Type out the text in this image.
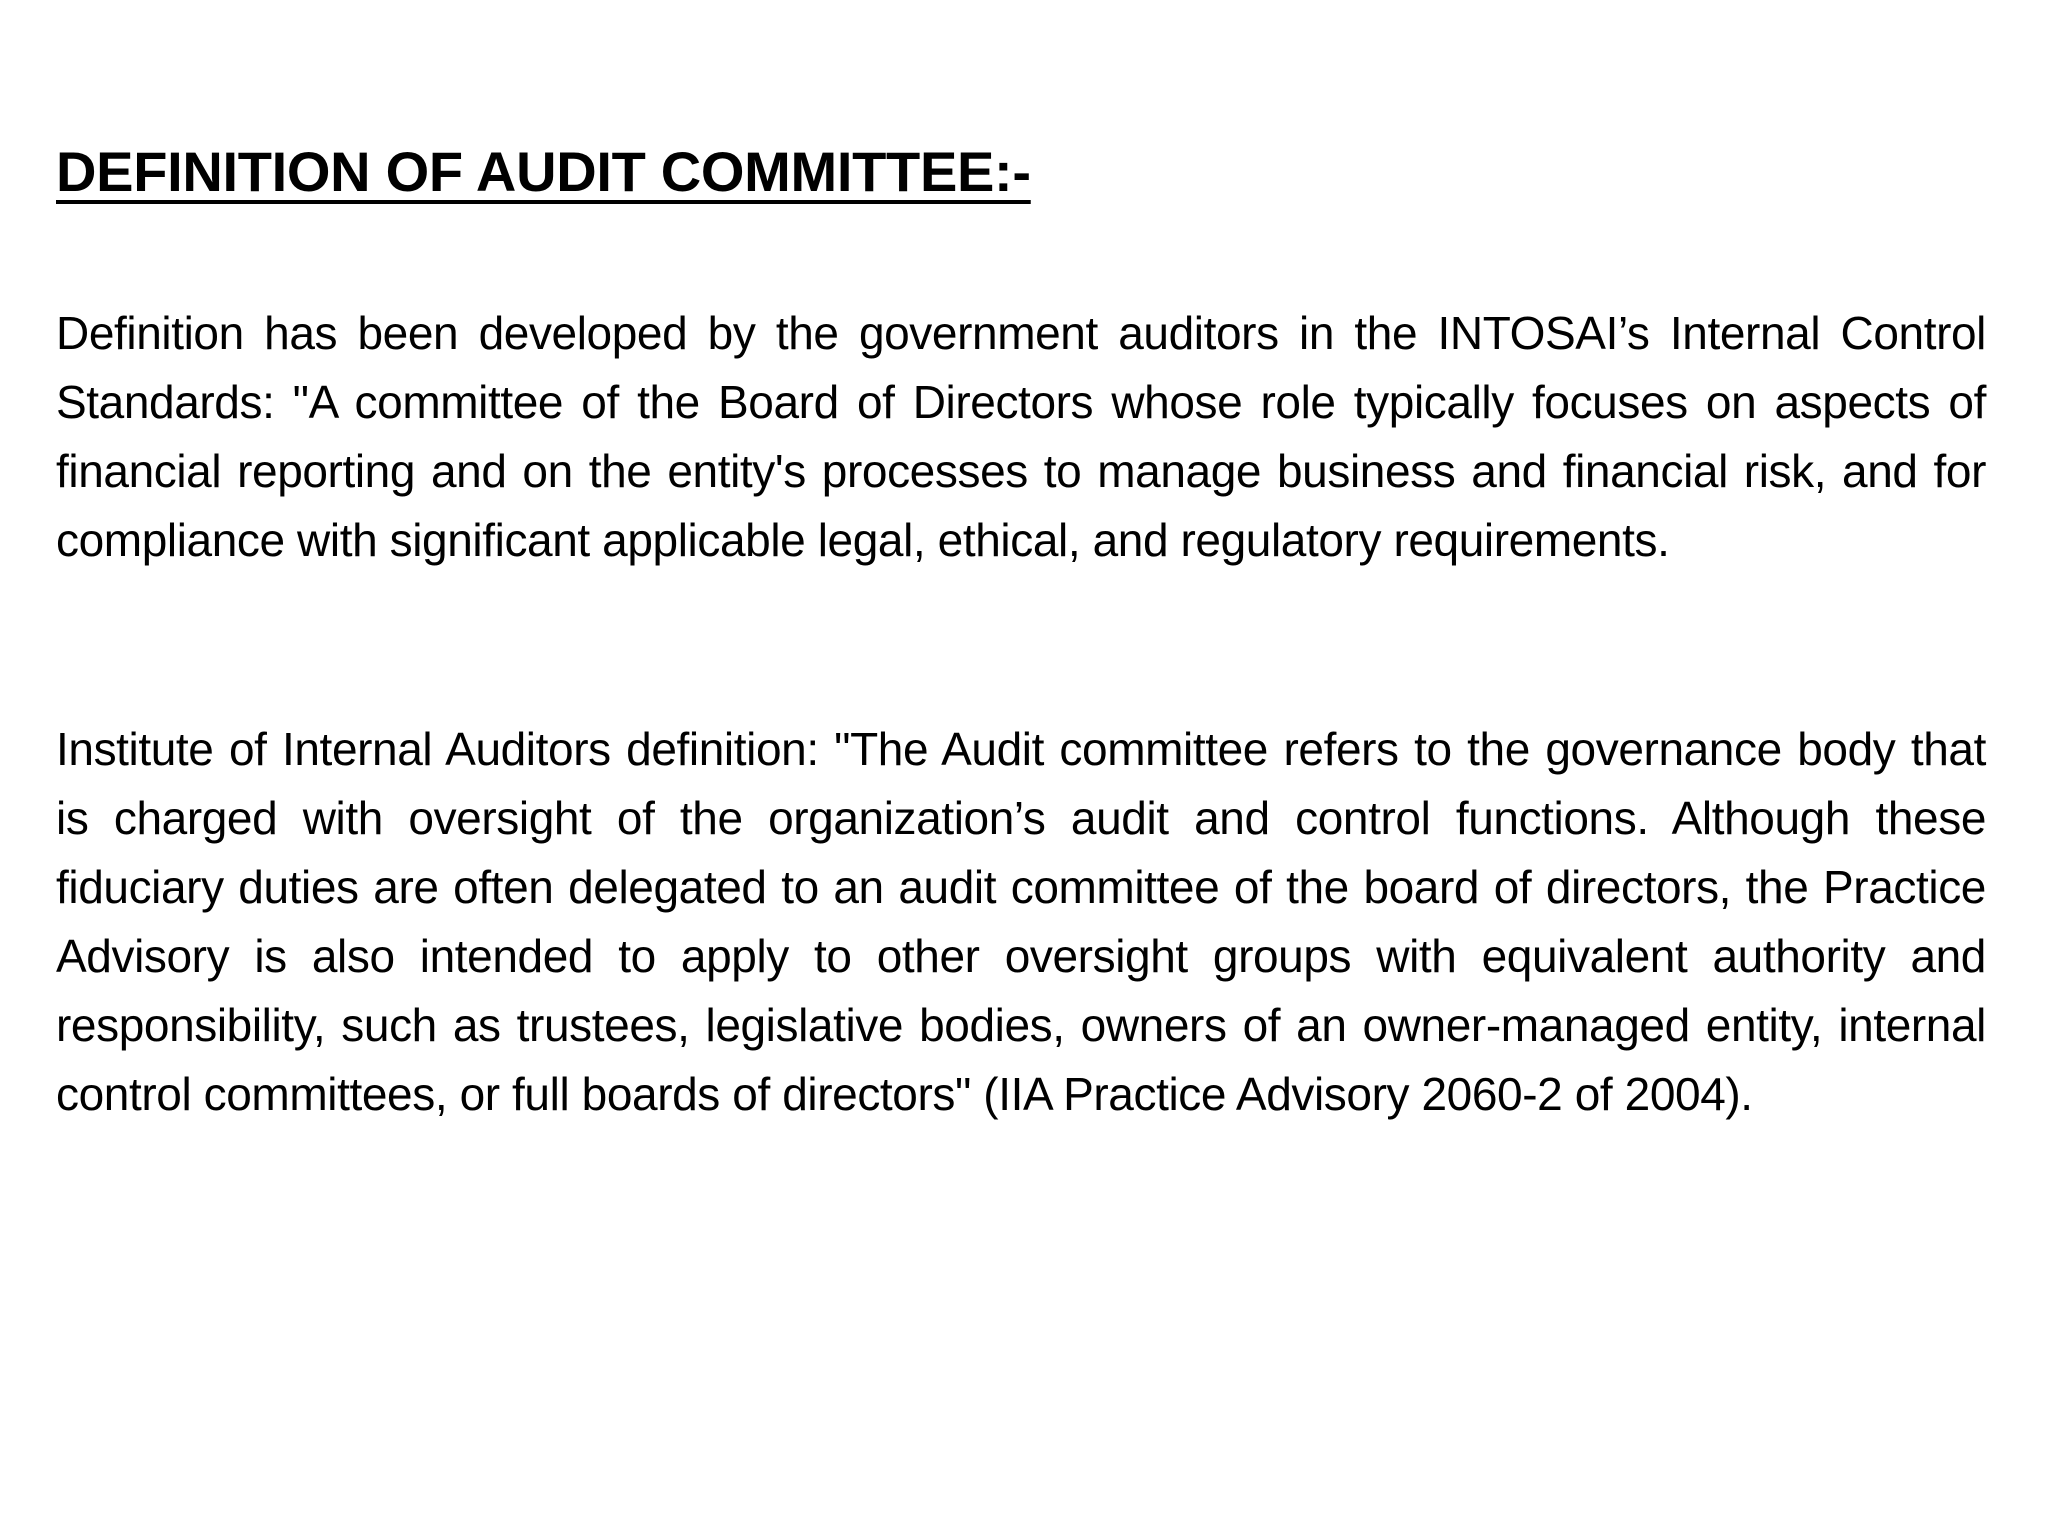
DEFINITION OF AUDIT COMMITTEE:-

Definition has been developed by the government auditors in the INTOSAI’s Internal Control Standards: "A committee of the Board of Directors whose role typically focuses on aspects of financial reporting and on the entity's processes to manage business and financial risk, and for compliance with significant applicable legal, ethical, and regulatory requirements.

Institute of Internal Auditors definition: "The Audit committee refers to the governance body that is charged with oversight of the organization’s audit and control functions. Although these fiduciary duties are often delegated to an audit committee of the board of directors, the Practice Advisory is also intended to apply to other oversight groups with equivalent authority and responsibility, such as trustees, legislative bodies, owners of an owner-managed entity, internal control committees, or full boards of directors" (IIA Practice Advisory 2060-2 of 2004).
